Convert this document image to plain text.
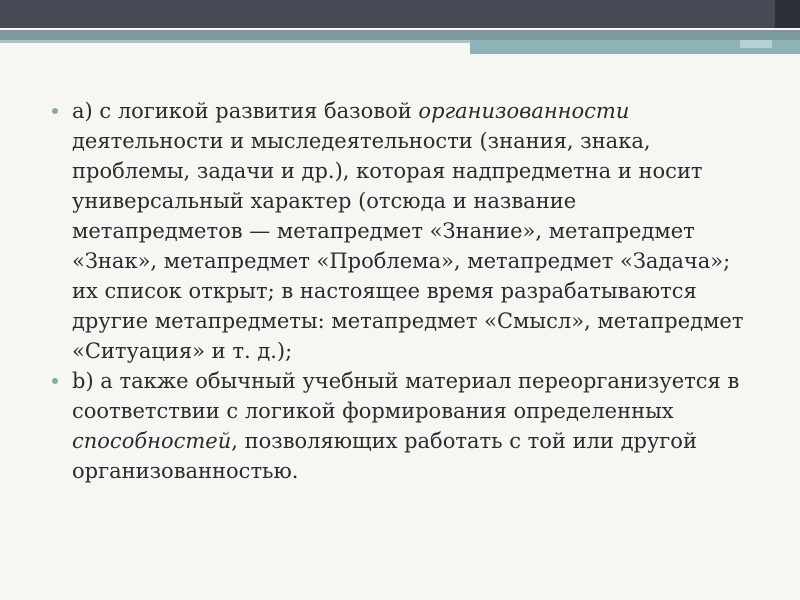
a) с логикой развития базовой организованности деятельности и мыследеятельности (знания, знака, проблемы, задачи и др.), которая надпредметна и носит универсальный характер (отсюда и название метапредметов — метапредмет «Знание», метапредмет «Знак», метапредмет «Проблема», метапредмет «Задача»; их список открыт; в настоящее время разрабатываются другие метапредметы: метапредмет «Смысл», метапредмет «Ситуация» и т. д.);

b) а также обычный учебный материал переорганизуется в соответствии с логикой формирования определенных способностей, позволяющих работать с той или другой организованностью.
